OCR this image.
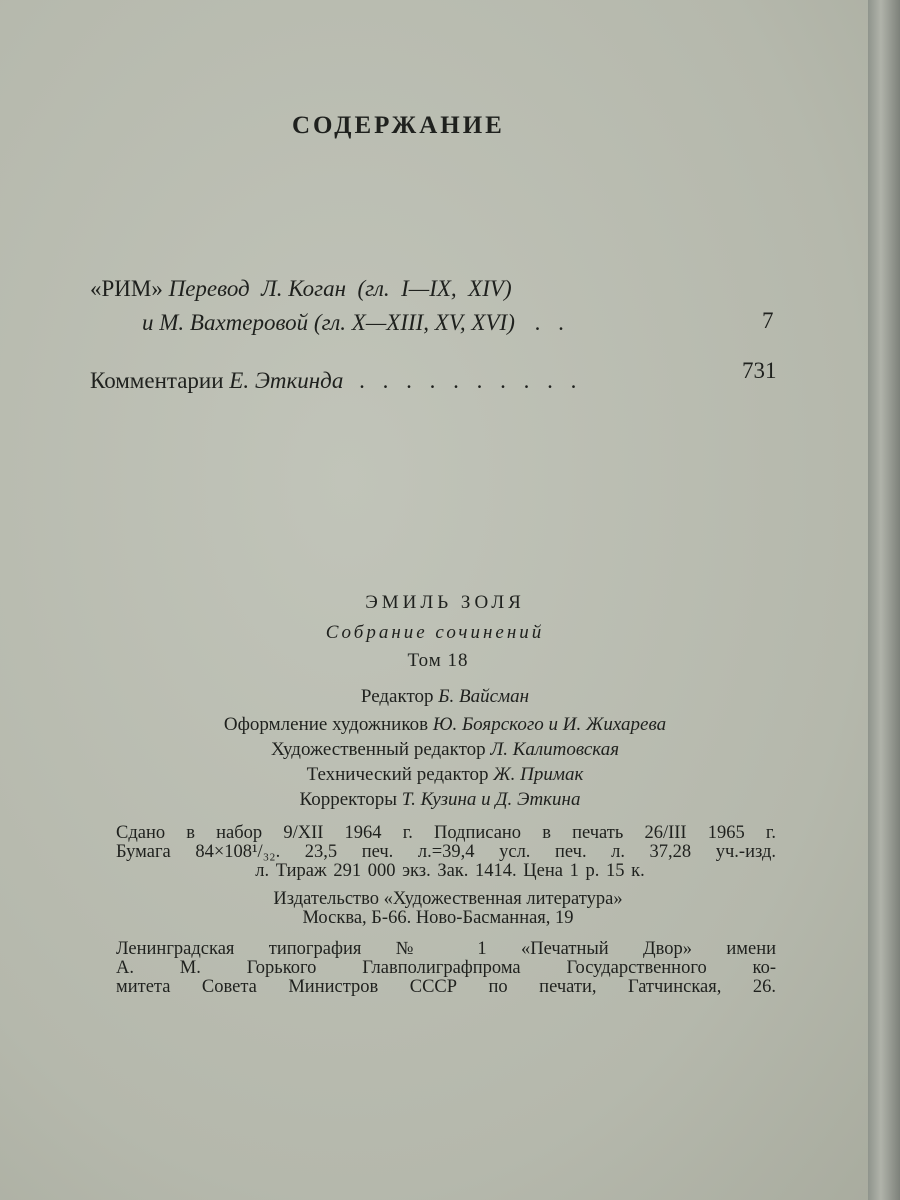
СОДЕРЖАНИЕ
«РИМ» Перевод  Л. Коган  (гл.  I—IX,  XIV)
и М. Вахтеровой (гл. X—XIII, XV, XVI) . .	7
Комментарии Е. Эткинда . . . . . . . . . .	731
ЭМИЛЬ ЗОЛЯ
Собрание сочинений
Том 18
Редактор Б. Вайсман
Оформление художников Ю. Боярского и И. Жихарева
Художественный редактор Л. Калитовская
Технический редактор Ж. Примак
Корректоры Т. Кузина и Д. Эткина
Сдано в набор 9/XII 1964 г. Подписано в печать 26/III 1965 г.
Бумага 84×108¹/₃₂. 23,5 печ. л.=39,4 усл. печ. л. 37,28 уч.-изд.
л. Тираж 291 000 экз. Зак. 1414. Цена 1 р. 15 к.
Издательство «Художественная литература»
Москва, Б-66. Ново-Басманная, 19
Ленинградская типография № 1 «Печатный Двор» имени
А. М. Горького Главполиграфпрома Государственного ко-
митета Совета Министров СССР по печати, Гатчинская, 26.
